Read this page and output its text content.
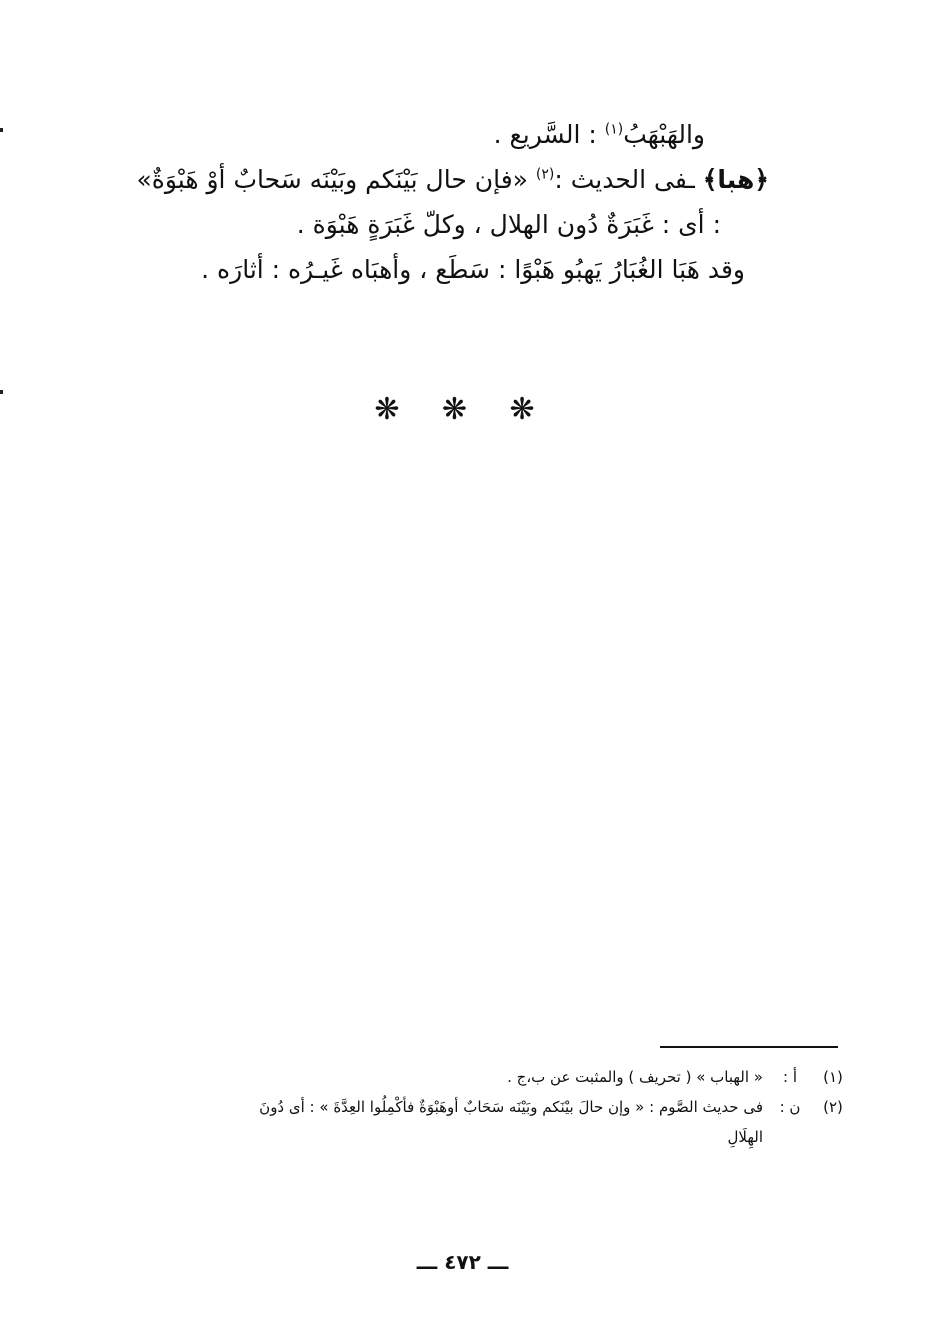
والهَبْهَبُ$^{(١)}$ : السَّريع .
﴿هبا﴾ ـفى الحديث :$^{(٢)}$ «فإن حال بَيْنَكم وبَيْنَه سَحابٌ أوْ هَبْوَةٌ»
: أى : غَبَرَةٌ دُون الهلال ، وكلّ غَبَرَةٍ هَبْوَة .
وقد هَبَا الغُبَارُ يَهبُو هَبْوًا : سَطَع ، وأهبَاه غَيـرُه : أثارَه .
❋ ❋ ❋
(١)
أ :
« الهباب » ( تحريف ) والمثبت عن ب،ج .
(٢)
ن :
فى حديث الصَّوم : « وإن حالَ بيْنَكم وبَيْنَه سَحَابٌ أوهَبْوَةٌ فأكْمِلُوا العِدَّةَ » : أى دُونَ
الهِلَالِ
ـــ ٤٧٢ ـــ
